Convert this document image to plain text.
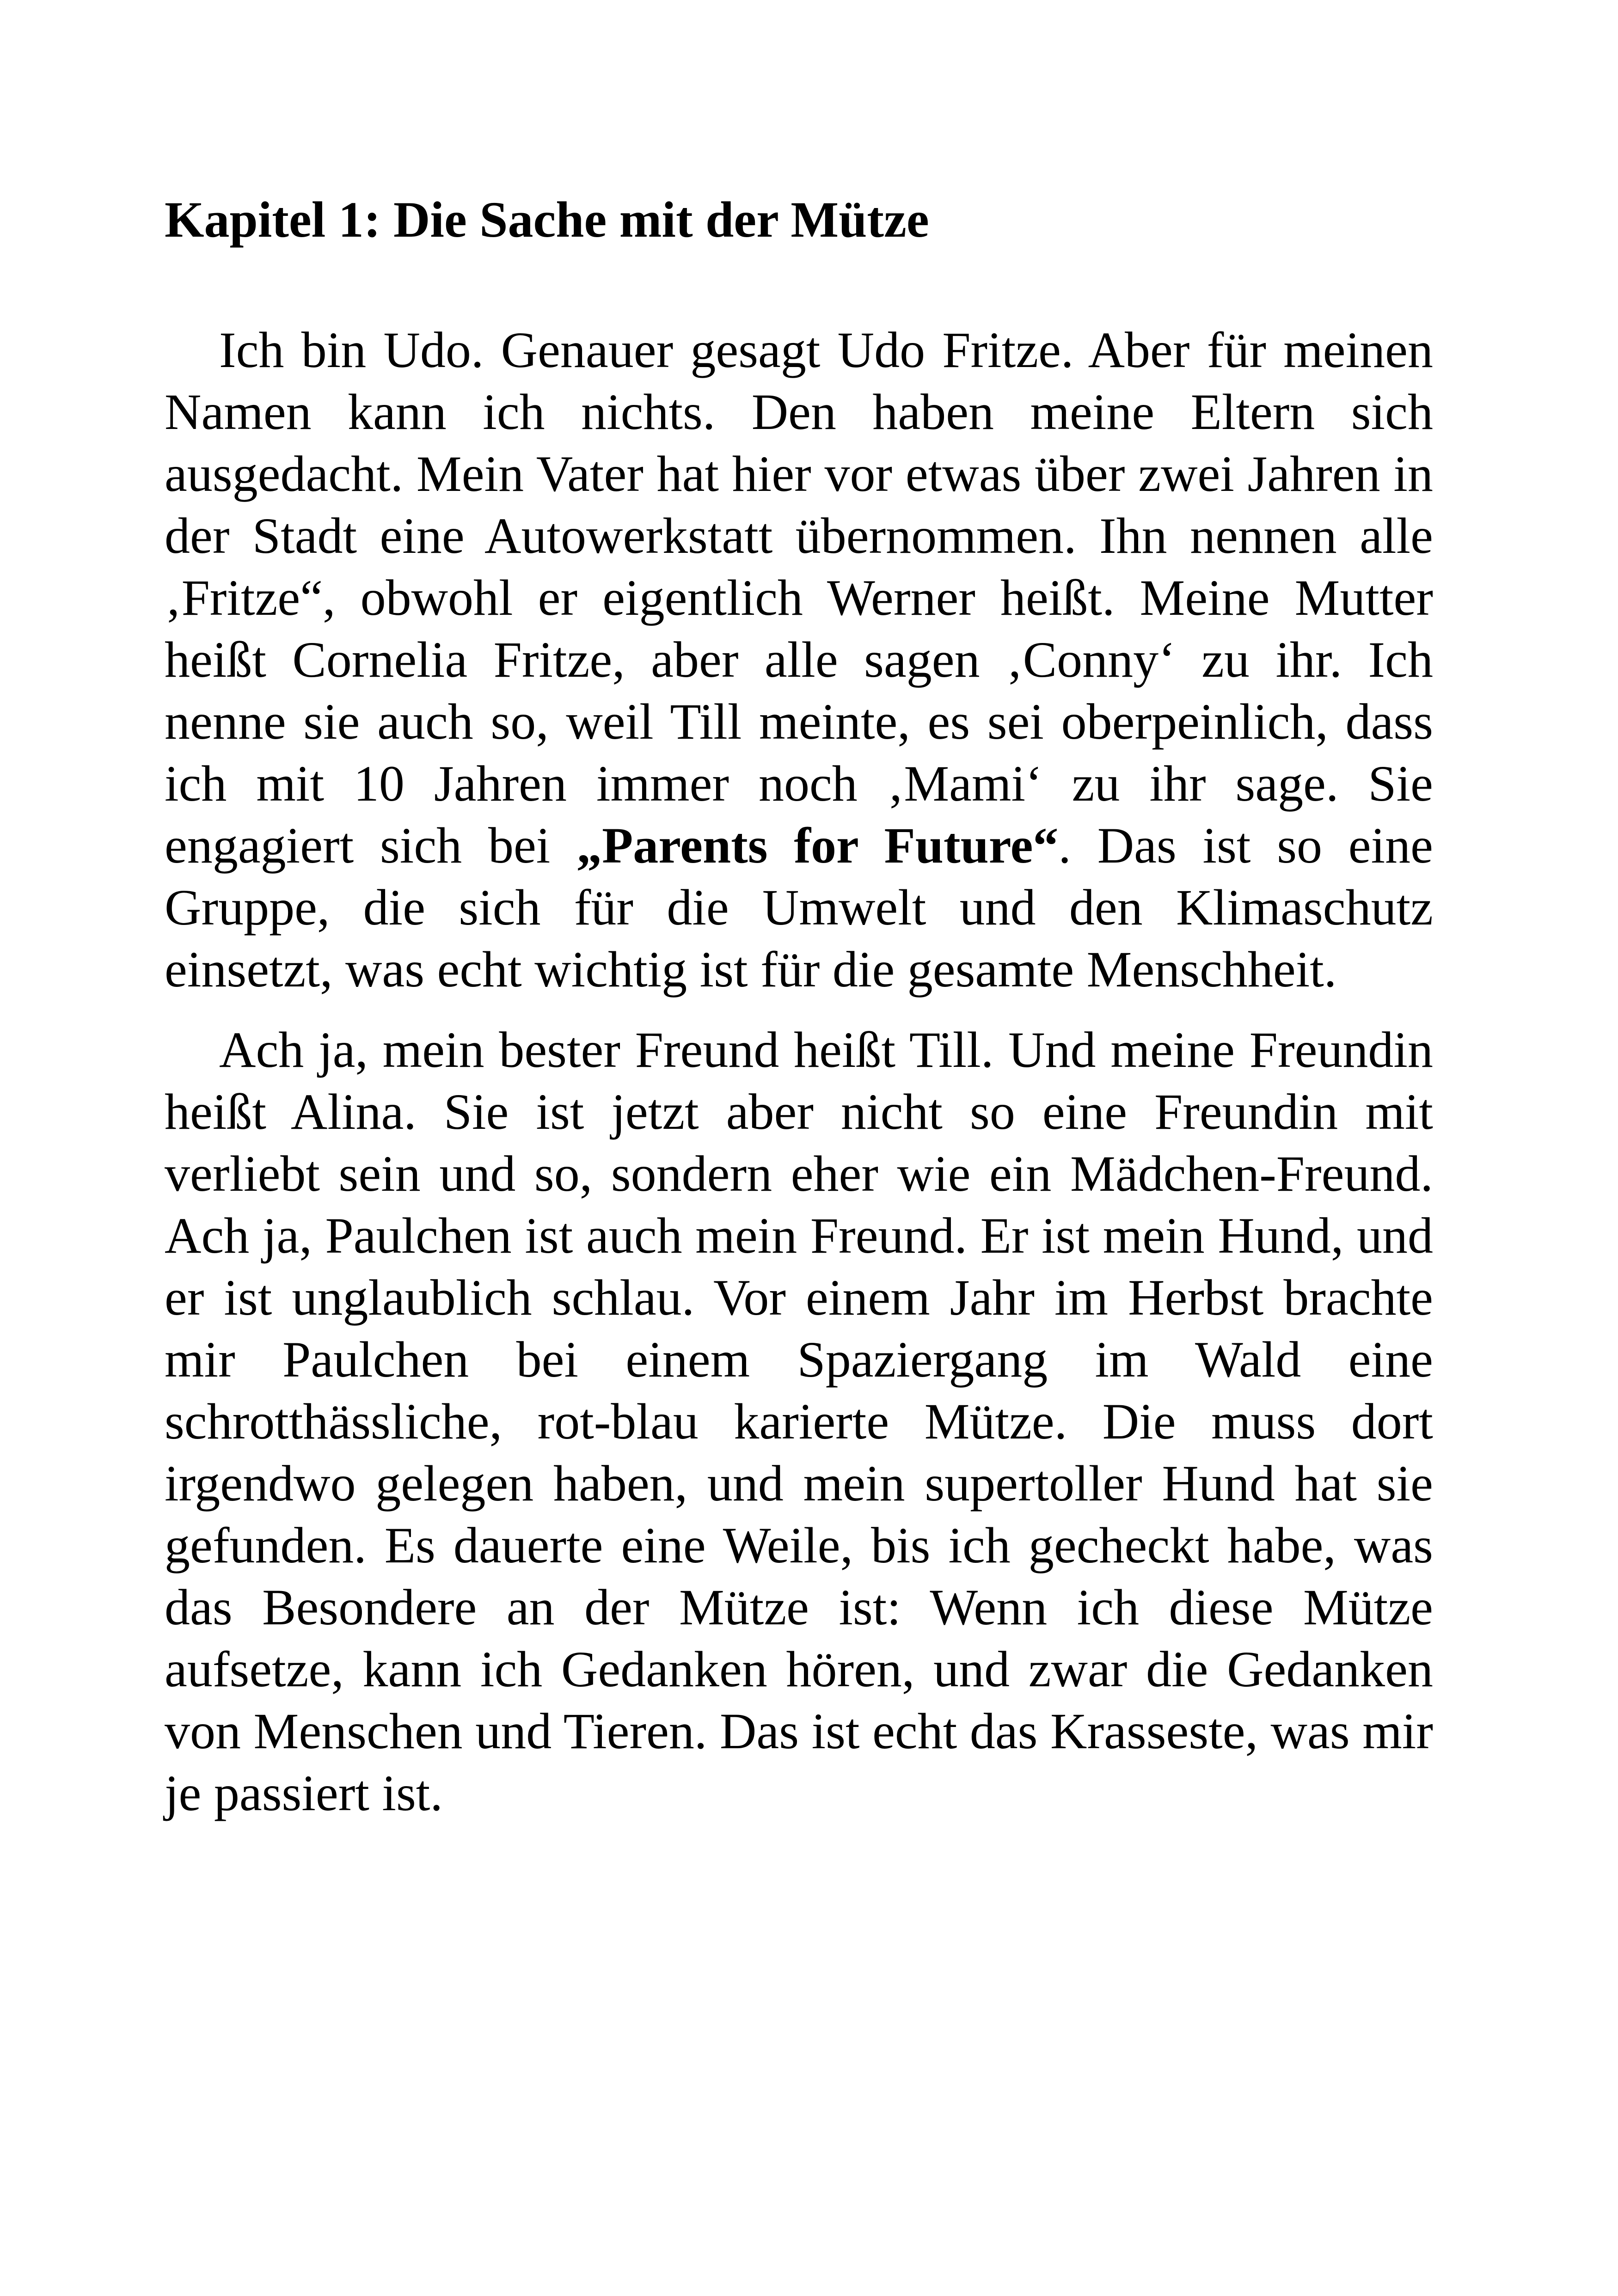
Kapitel 1: Die Sache mit der Mütze

Ich bin Udo. Genauer gesagt Udo Fritze. Aber für meinen Namen kann ich nichts. Den haben meine Eltern sich ausgedacht. Mein Vater hat hier vor etwas über zwei Jahren in der Stadt eine Autowerkstatt übernommen. Ihn nennen alle ‚Fritze“, obwohl er eigentlich Werner heißt. Meine Mutter heißt Cornelia Fritze, aber alle sagen ‚Conny‘ zu ihr. Ich nenne sie auch so, weil Till meinte, es sei oberpeinlich, dass ich mit 10 Jahren immer noch ‚Mami‘ zu ihr sage. Sie engagiert sich bei „Parents for Future“. Das ist so eine Gruppe, die sich für die Umwelt und den Klimaschutz einsetzt, was echt wichtig ist für die gesamte Menschheit.

Ach ja, mein bester Freund heißt Till. Und meine Freundin heißt Alina. Sie ist jetzt aber nicht so eine Freundin mit verliebt sein und so, sondern eher wie ein Mädchen-Freund. Ach ja, Paulchen ist auch mein Freund. Er ist mein Hund, und er ist unglaublich schlau. Vor einem Jahr im Herbst brachte mir Paulchen bei einem Spaziergang im Wald eine schrotthässliche, rot-blau karierte Mütze. Die muss dort irgendwo gelegen haben, und mein supertoller Hund hat sie gefunden. Es dauerte eine Weile, bis ich gecheckt habe, was das Besondere an der Mütze ist: Wenn ich diese Mütze aufsetze, kann ich Gedanken hören, und zwar die Gedanken von Menschen und Tieren. Das ist echt das Krasseste, was mir je passiert ist.
